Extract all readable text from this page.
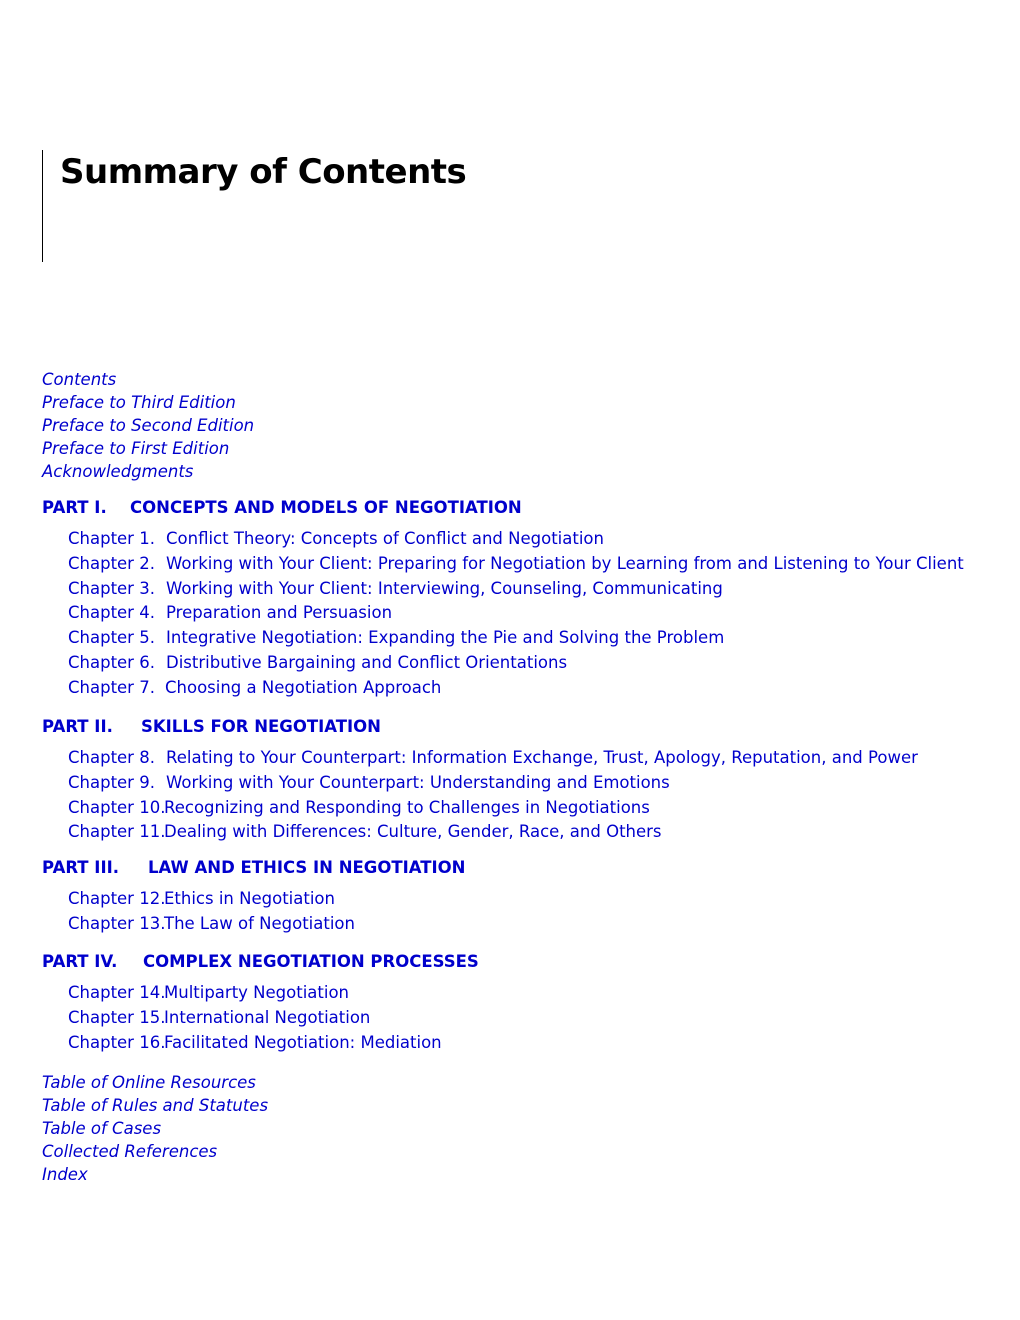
Summary of Contents
Contents
Preface to Third Edition
Preface to Second Edition
Preface to First Edition
Acknowledgments
PART I. CONCEPTS AND MODELS OF NEGOTIATION
Chapter 1. Conflict Theory: Concepts of Conflict and Negotiation
Chapter 2. Working with Your Client: Preparing for Negotiation by Learning from and Listening to Your Client
Chapter 3. Working with Your Client: Interviewing, Counseling, Communicating
Chapter 4. Preparation and Persuasion
Chapter 5. Integrative Negotiation: Expanding the Pie and Solving the Problem
Chapter 6. Distributive Bargaining and Conflict Orientations
Chapter 7. Choosing a Negotiation Approach
PART II. SKILLS FOR NEGOTIATION
Chapter 8. Relating to Your Counterpart: Information Exchange, Trust, Apology, Reputation, and Power
Chapter 9. Working with Your Counterpart: Understanding and Emotions
Chapter 10.Recognizing and Responding to Challenges in Negotiations
Chapter 11.Dealing with Differences: Culture, Gender, Race, and Others
PART III. LAW AND ETHICS IN NEGOTIATION
Chapter 12.Ethics in Negotiation
Chapter 13.The Law of Negotiation
PART IV. COMPLEX NEGOTIATION PROCESSES
Chapter 14.Multiparty Negotiation
Chapter 15.International Negotiation
Chapter 16.Facilitated Negotiation: Mediation
Table of Online Resources
Table of Rules and Statutes
Table of Cases
Collected References
Index
